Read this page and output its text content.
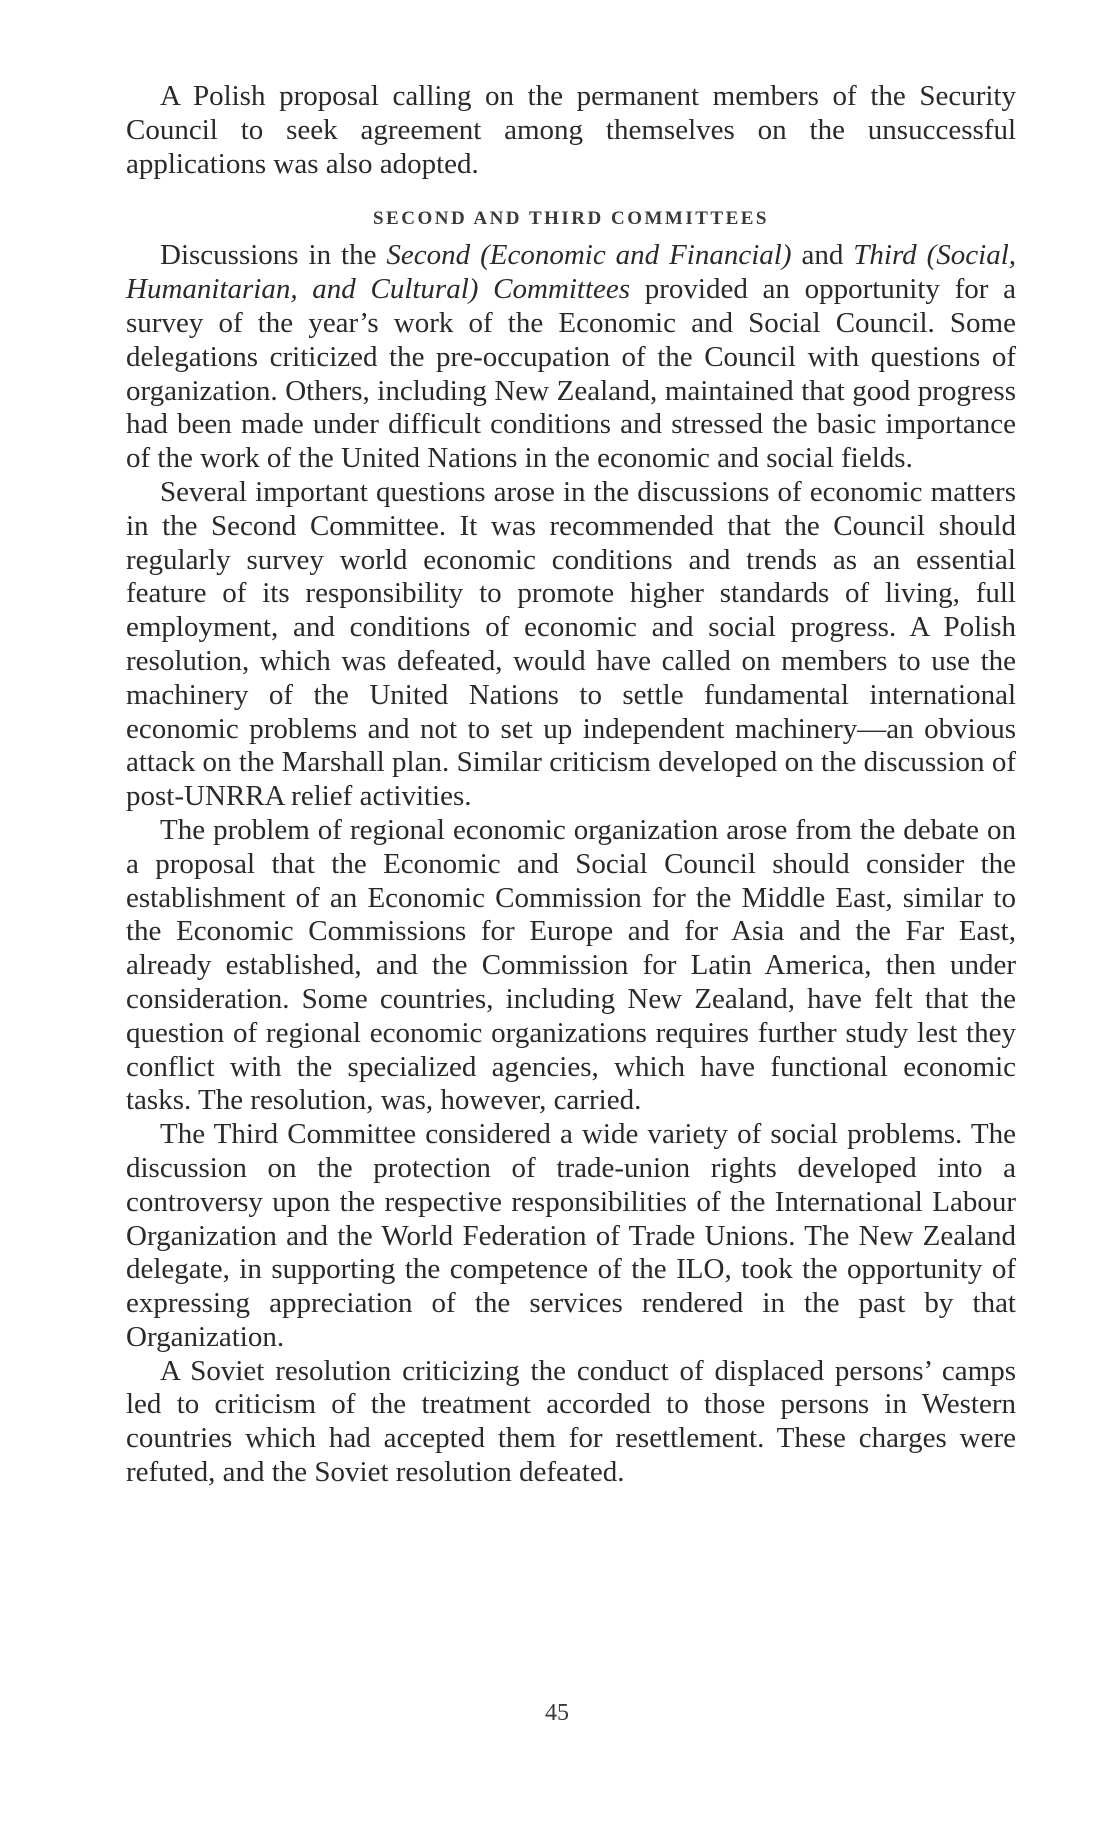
A Polish proposal calling on the permanent members of the Security Council to seek agreement among themselves on the unsuccessful applications was also adopted.

SECOND AND THIRD COMMITTEES

Discussions in the Second (Economic and Financial) and Third (Social, Humanitarian, and Cultural) Committees provided an opportunity for a survey of the year’s work of the Economic and Social Council. Some delegations criticized the pre-occupation of the Council with questions of organization. Others, including New Zealand, maintained that good progress had been made under difficult conditions and stressed the basic importance of the work of the United Nations in the economic and social fields.

Several important questions arose in the discussions of economic matters in the Second Committee. It was recommended that the Council should regularly survey world economic conditions and trends as an essential feature of its responsibility to promote higher standards of living, full employment, and conditions of economic and social progress. A Polish resolution, which was defeated, would have called on members to use the machinery of the United Nations to settle fundamental international economic problems and not to set up independent machinery—an obvious attack on the Marshall plan. Similar criticism developed on the discussion of post-UNRRA relief activities.

The problem of regional economic organization arose from the debate on a proposal that the Economic and Social Council should consider the establishment of an Economic Commission for the Middle East, similar to the Economic Commissions for Europe and for Asia and the Far East, already established, and the Commission for Latin America, then under consideration. Some countries, including New Zealand, have felt that the question of regional economic organizations requires further study lest they conflict with the specialized agencies, which have functional economic tasks. The resolution, was, however, carried.

The Third Committee considered a wide variety of social problems. The discussion on the protection of trade-union rights developed into a controversy upon the respective responsibilities of the International Labour Organization and the World Federation of Trade Unions. The New Zealand delegate, in supporting the competence of the ILO, took the opportunity of expressing appreciation of the services rendered in the past by that Organization.

A Soviet resolution criticizing the conduct of displaced persons’ camps led to criticism of the treatment accorded to those persons in Western countries which had accepted them for resettlement. These charges were refuted, and the Soviet resolution defeated.

45
